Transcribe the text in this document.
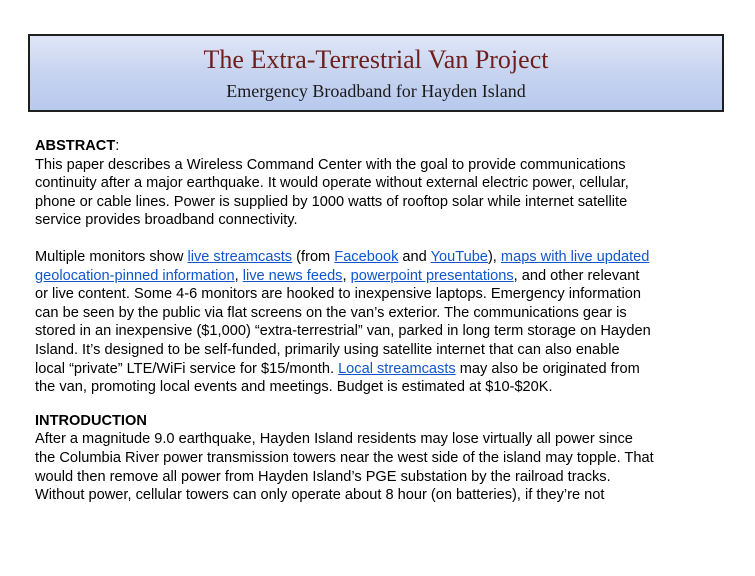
The Extra-Terrestrial Van Project
Emergency Broadband for Hayden Island
ABSTRACT:

This paper describes a Wireless Command Center with the goal to provide communications
continuity after a major earthquake. It would operate without external electric power, cellular,
phone or cable lines. Power is supplied by 1000 watts of rooftop solar while internet satellite
service provides broadband connectivity.

Multiple monitors show live streamcasts (from Facebook and YouTube), maps with live updated
geolocation-pinned information, live news feeds, powerpoint presentations, and other relevant
or live content. Some 4-6 monitors are hooked to inexpensive laptops. Emergency information
can be seen by the public via flat screens on the van’s exterior. The communications gear is
stored in an inexpensive ($1,000) “extra-terrestrial” van, parked in long term storage on Hayden
Island. It’s designed to be self-funded, primarily using satellite internet that can also enable
local “private” LTE/WiFi service for $15/month. Local streamcasts may also be originated from
the van, promoting local events and meetings. Budget is estimated at $10-$20K.

INTRODUCTION

After a magnitude 9.0 earthquake, Hayden Island residents may lose virtually all power since
the Columbia River power transmission towers near the west side of the island may topple. That
would then remove all power from Hayden Island’s PGE substation by the railroad tracks.
Without power, cellular towers can only operate about 8 hour (on batteries), if they’re not
